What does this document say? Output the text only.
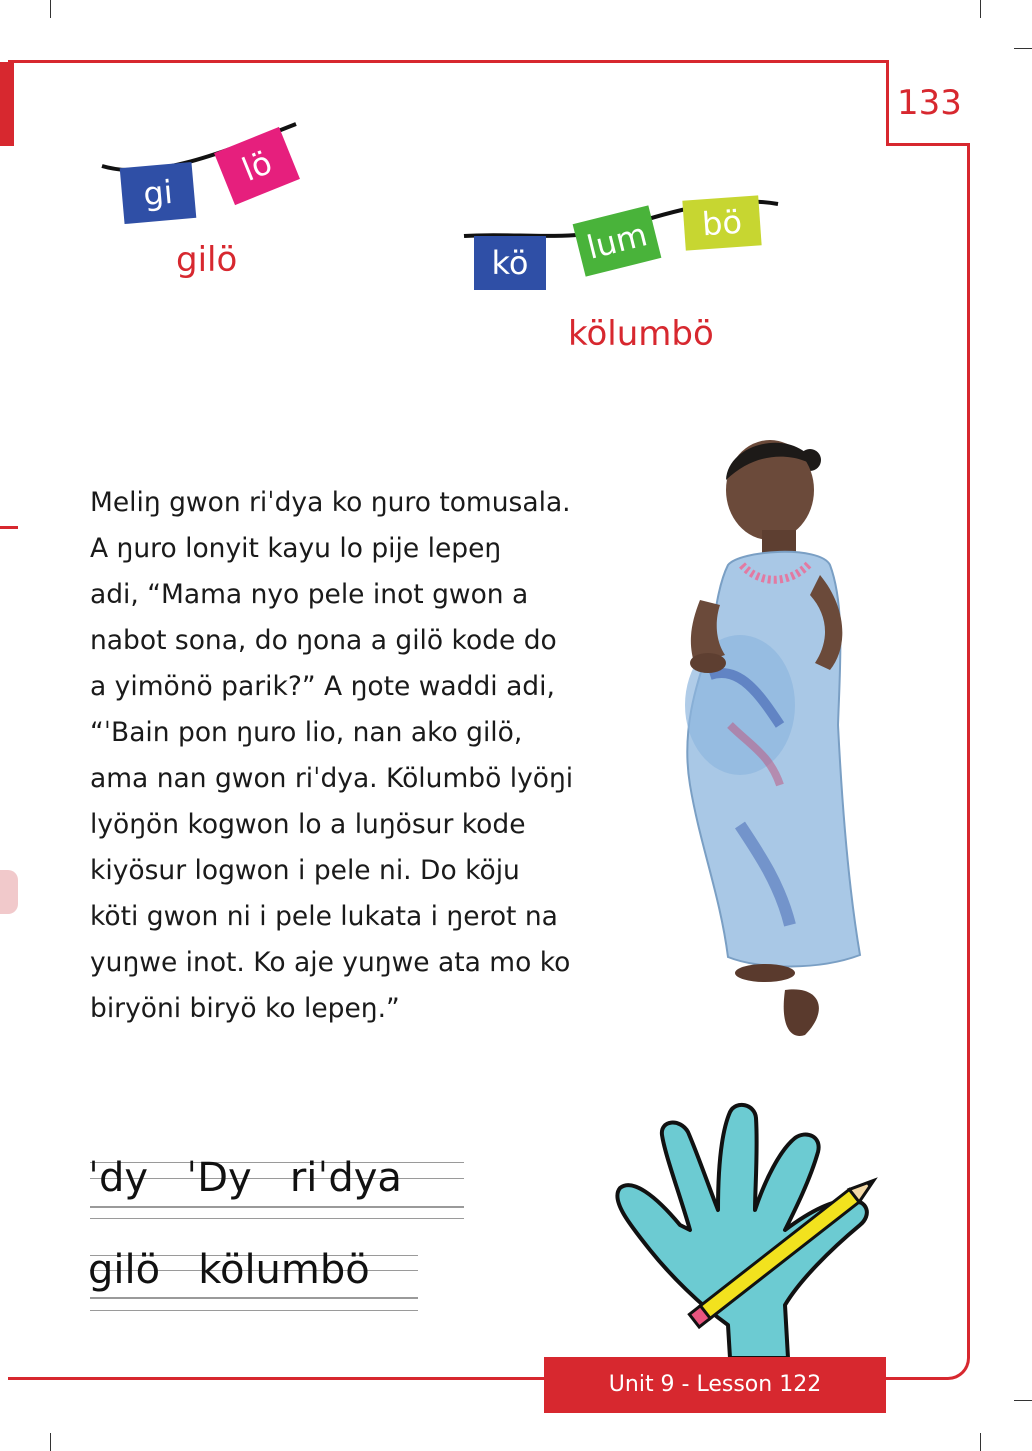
133
gi
lö
gilö	kö	lum	bö
kölumbö

Meliŋ gwon riˈdya ko ŋuro tomusala.

A ŋuro lonyit kayu lo pije lepeŋ

adi, “Mama nyo pele inot gwon a

nabot sona, do ŋona a gilö kode do

a yimönö parik?” A ŋote waddi adi,

“ˈBain pon ŋuro lio, nan ako gilö,

ama nan gwon riˈdya. Kölumbö lyöŋi

lyöŋön kogwon lo a luŋösur kode

kiyösur logwon i pele ni. Do köju

köti gwon ni i pele lukata i ŋerot na

yuŋwe inot. Ko aje yuŋwe ata mo ko

biryöni biryö ko lepeŋ.”

ˈdy   ˈDy   riˈdya
gilö   kölumbö
Unit 9 - Lesson 122
